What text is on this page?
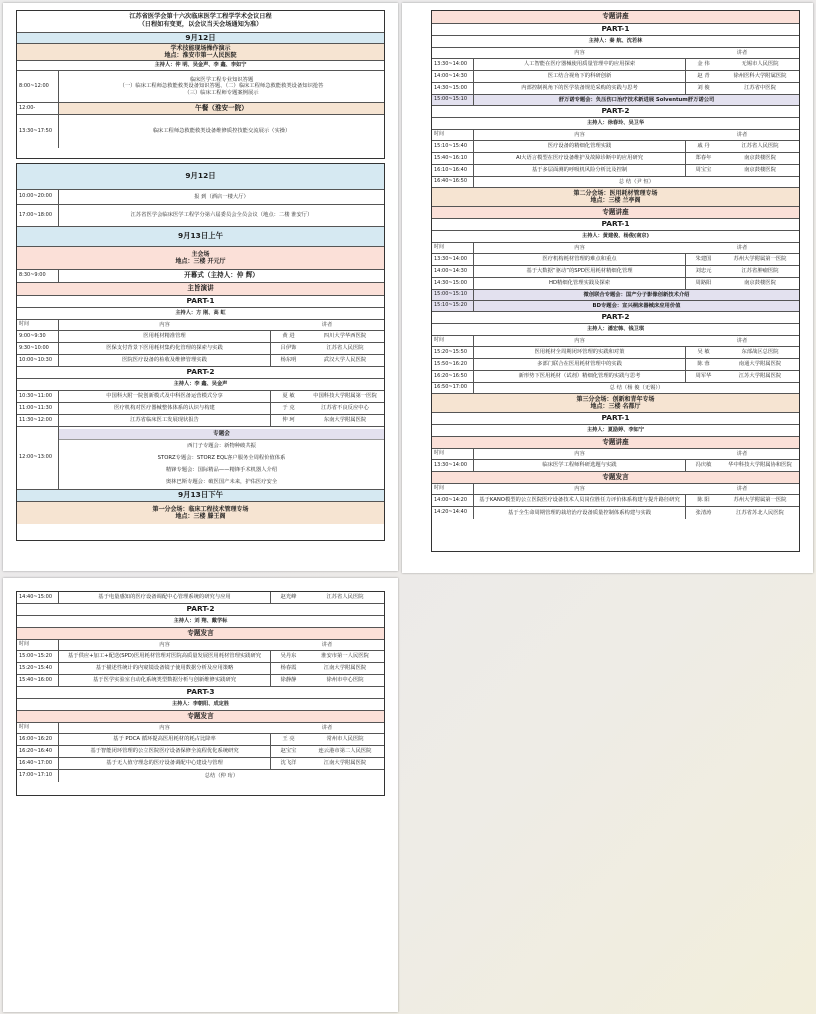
江苏省医学会第十六次临床医学工程学学术会议日程
（日程如有变更，以会议当天会场通知为准）
9月12日
学术技能现场操作演示
地点：淮安市第一人民医院
主持人：仲 明、吴金声、李 鑫、李如宁
8:00~12:00
临床医学工程专业知识答题
（一）临床工程师急救能救类设备知识答题、（二）临床工程师急救能救类设备知识抢答
（三）临床工程师专题案例展示
12:00-	午餐（淮安一院）
13:30~17:50	临床工程师急救能救类设备维修质控技能交流展示（实操）
9月12日
10:00~20:00	报 到（酒店一楼大厅）
17:00~18:00	江苏省医学会临床医学工程学分第六届委员会全员会议（地点：二楼 淮安厅）
9月13日上午
主会场
地点：三楼 开元厅
8:30~9:00	开幕式（主持人：仲 辉）
主旨演讲
PART-1
主持人：方 刚、高 虹
时间	内容	讲者
9:00~9:30	医用耗材精准管理	黄 进	四川大学华西医院
9:30~10:00	医保支付背景下医用耗材集约化管理的探索与实践	吕伊饰	江苏省人民医院
10:00~10:30	医院医疗设备的检收及维修管理实践	杨东明	武汉大学人民医院
PART-2
主持人：李 鑫、吴金声
10:30~11:00	中国科大附一院创新模式及中科医备运营模式分享	夏 敏	中国科技大学附属第一医院
11:00~11:30	医疗机构对医疗器械整体体系的认识与构建	于 克	江苏省不良反应中心
11:30~12:00	江苏省临床医工发展现状报告	仲 珂	东南大学附属医院
12:00~13:00
专题会
西门子专题会：新物种破共振
STORZ专题会：STORZ EQL客户服务全周程价值体系
精锋专题会：国际精品——精锋手术机器人介绍
奥林巴斯专题会：破医国产未来，护佑医疗安全
9月13日下午
第一分会场：临床工程技术管理专场
地点：三楼 滕王阁
专题讲座
PART-1
主持人：秦 航、沈若林
内容	讲者
13:30~14:00	人工智能在医疗器械使用质量管理中的应用探索	金 伟	无锡市人民医院
14:00~14:30	医工结合视角下的科研创新	赵 青	徐州医科大学附属医院
14:30~15:00	内部控制视角下的医学装备规范采购的实践与思考	刘 俊	江苏省中医院
15:00~15:10	舒万诺专题会：负压伤口治疗技术新进展 Solventum舒万诺公司
PART-2
主持人：徐春玲、吴卫华
时间	内容	讲者
15:10~15:40	医疗设备的精细化管理实践	戚 丹	江苏省人民医院
15:40~16:10	AI大语言模型在医疗设备维护及故障诊断中的应用研究	郑春年	南京鼓楼医院
16:10~16:40	基于多层面测的呼吸机风险分析比及控制	周宝宝	南京鼓楼医院
16:40~16:50	总 结（尹 恒）
第二分会场：医用耗材管理专场
地点：三楼 兰亭阁
专题讲座
PART-1
主持人：黄建俊、杨俊(南京)
时间	内容	讲者
13:30~14:00	医疗机构耗材管理的难点和重点	朱建国	苏州大学附属第一医院
14:00~14:30	基于大数据“驱动”的SPD医用耗材精细化管理	刘忠元	江苏省肿瘤医院
14:30~15:00	HD精细化管理实践及探索	周路阳	南京鼓楼医院
15:00~15:10	微创联合专题会：国产分子影像创新技术介绍
15:10~15:20	BD专题会：宣兴桐床器械床应用价值
PART-2
主持人：潘宏韩、钱卫琪
时间	内容	讲者
15:20~15:50	医用耗材全周期闭环管理的实践和对策	吴 敏	东部战区总医院
15:50~16:20	多部门联合在医用耗材管理中的实践	陈 蓉	南通大学附属医院
16:20~16:50	新形势下医用耗材（试剂）精细化管理的实践与思考	周军华	江苏大学附属医院
16:50~17:00	总 结（杨 俊（无锡））
第三分会场：创新和青年专场
地点：三楼 名都厅
PART-1
主持人：夏励婷、李如宁
专题讲座
时间	内容	讲者
13:30~14:00	临床医学工程师科研选题与实践	冯庆敏	华中科技大学附属协和医院
专题发言
时间	内容	讲者
14:00~14:20	基于KANO模型的公立医院医疗设备技术人员岗位胜任力评价体系构建与提升路径研究	陈 阳	苏州大学附属第一医院
14:20~14:40	基于全生命周期管理的栽培治疗设备质量控制体系构建与实践	张清涛	江苏省苏北人民医院
14:40~15:00	基于电量感知的医疗设备调配中心管理系统的研究与应用	赵光峰	江苏省人民医院
PART-2
主持人：刘 翔、戴学标
专题发言
时间	内容	讲者
15:00~15:20	基于供应+加工+配送(SPD)医用耗材管理对医院高质量发展医用耗材管理实践研究	吴丹东	淮安市第一人民医院
15:20~15:40	基于描述性统计的内窥镜设备镜子使用数据分析及应用策略	杨春霞	江南大学附属医院
15:40~16:00	基于医学实验室自动化系统类型数据分析与创新维修实践研究	徐静静	徐州市中心医院
PART-3
主持人：李朝阳、成定胜
专题发言
时间	内容	讲者
16:00~16:20	基于 PDCA 循环提高医用耗材的耗占比降率	王 亮	常州市人民医院
16:20~16:40	基于智能闭环管理的公立医院医疗设备保修全流程优化系统研究	赵宝宝	连云港市第二人民医院
16:40~17:00	基于无人值守理念的医疗设备调配中心建设与管理	沈飞洋	江南大学附属医院
17:00~17:10	总结（仲 珩）
